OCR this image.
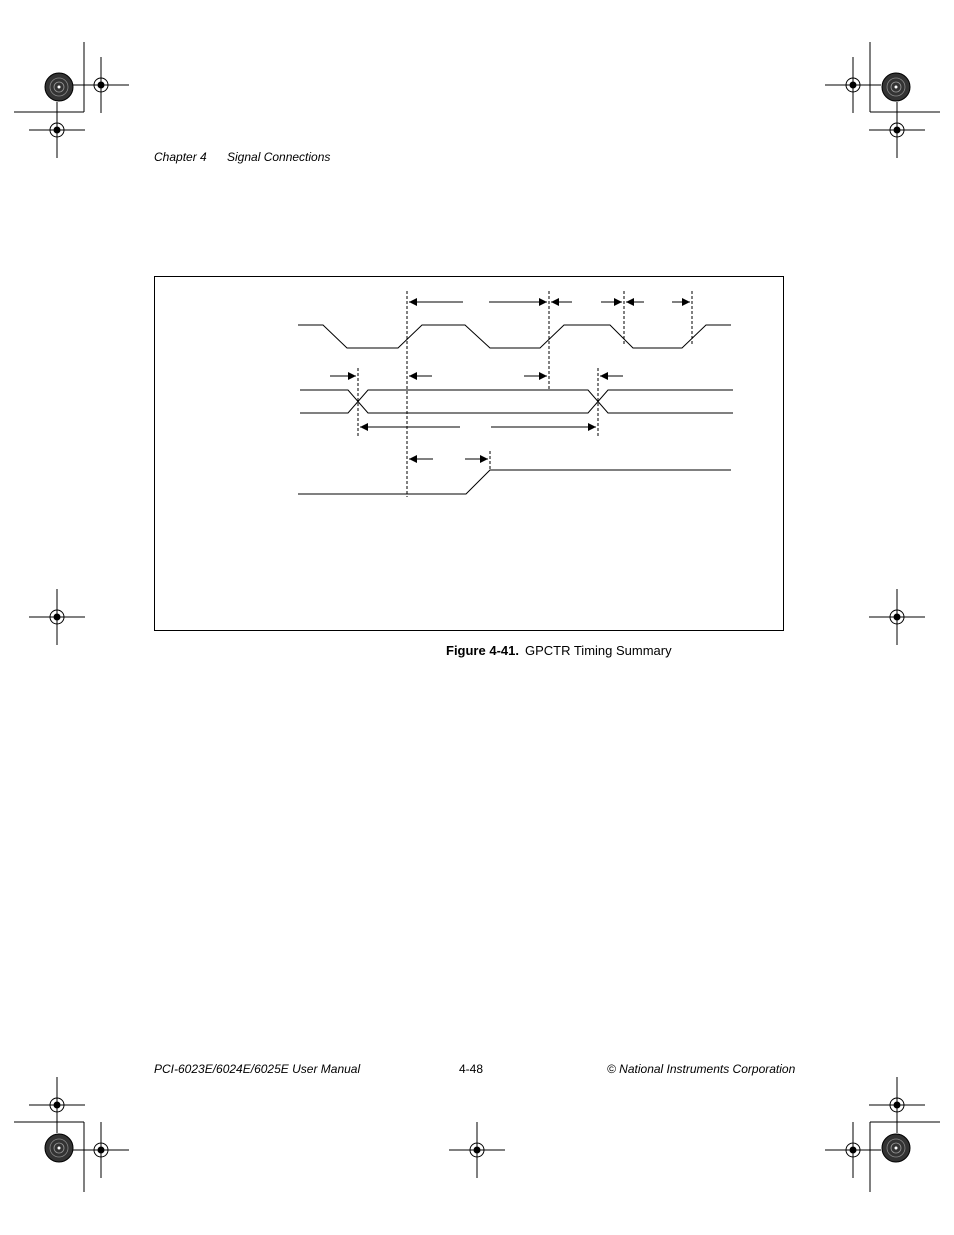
Chapter 4	Signal Connections
Figure 4-41. GPCTR Timing Summary
PCI-6023E/6024E/6025E User Manual	4-48	© National Instruments Corporation
